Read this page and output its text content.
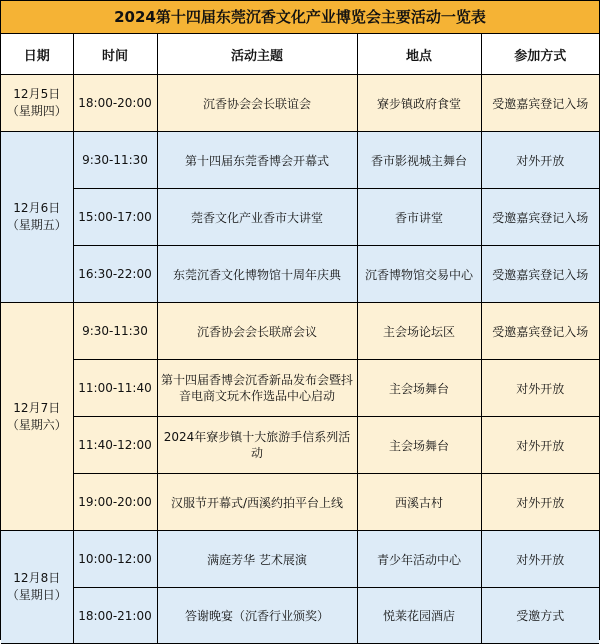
2024第十四届东莞沉香文化产业博览会主要活动一览表
日期	时间	活动主题	地点	参加方式

12月5日
（星期四）	18:00-20:00	沉香协会会长联谊会	寮步镇政府食堂	受邀嘉宾登记入场

12月6日
（星期五）	9:30-11:30	第十四届东莞香博会开幕式	香市影视城主舞台	对外开放
	15:00-17:00	莞香文化产业香市大讲堂	香市讲堂	受邀嘉宾登记入场
	16:30-22:00	东莞沉香文化博物馆十周年庆典	沉香博物馆交易中心	受邀嘉宾登记入场

12月7日
（星期六）	9:30-11:30	沉香协会会长联席会议	主会场论坛区	受邀嘉宾登记入场
	11:00-11:40	第十四届香博会沉香新品发布会暨抖音电商文玩木作选品中心启动	主会场舞台	对外开放
	11:40-12:00	2024年寮步镇十大旅游手信系列活动	主会场舞台	对外开放
	19:00-20:00	汉服节开幕式/西溪约拍平台上线	西溪古村	对外开放

12月8日
（星期日）	10:00-12:00	满庭芳华 艺术展演	青少年活动中心	对外开放
	18:00-21:00	答谢晚宴（沉香行业颁奖）	悦莱花园酒店	受邀方式
